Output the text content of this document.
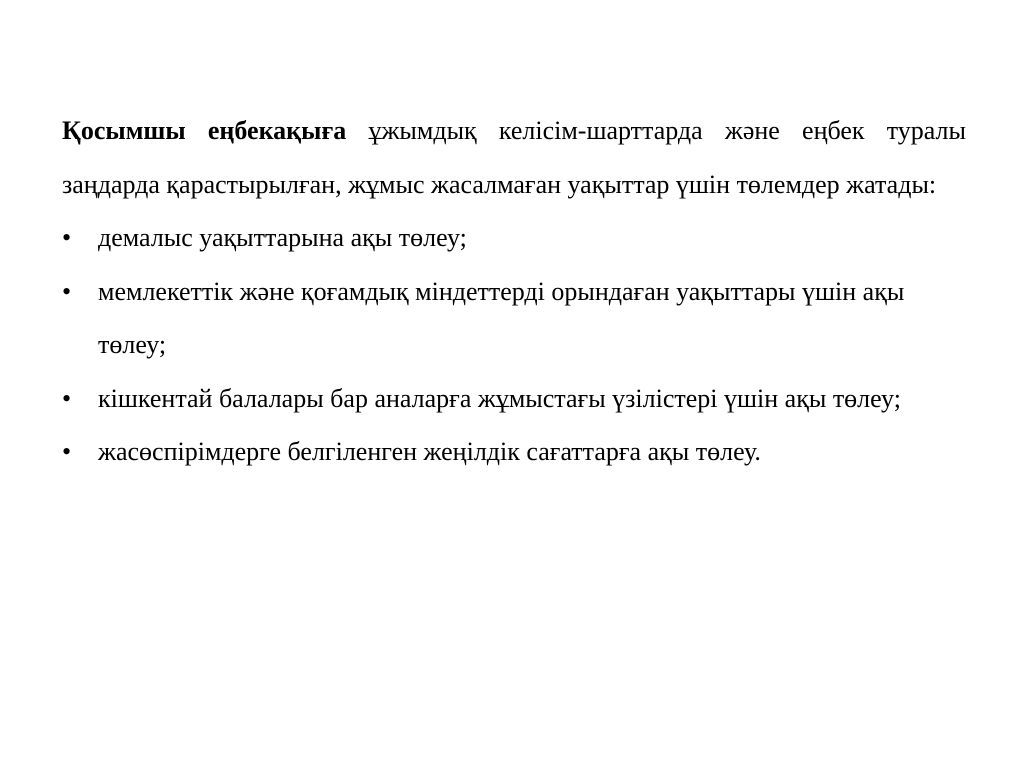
Қосымшы еңбекақыға ұжымдық келісім-шарттарда және еңбек туралы заңдарда қарастырылған, жұмыс жасалмаған уақыттар үшін төлемдер жатады:

• демалыс уақыттарына ақы төлеу;
• мемлекеттік және қоғамдық міндеттерді орындаған уақыттары үшін ақы төлеу;
• кішкентай балалары бар аналарға жұмыстағы үзілістері үшін ақы төлеу;
• жасөспірімдерге белгіленген жеңілдік сағаттарға ақы төлеу.
